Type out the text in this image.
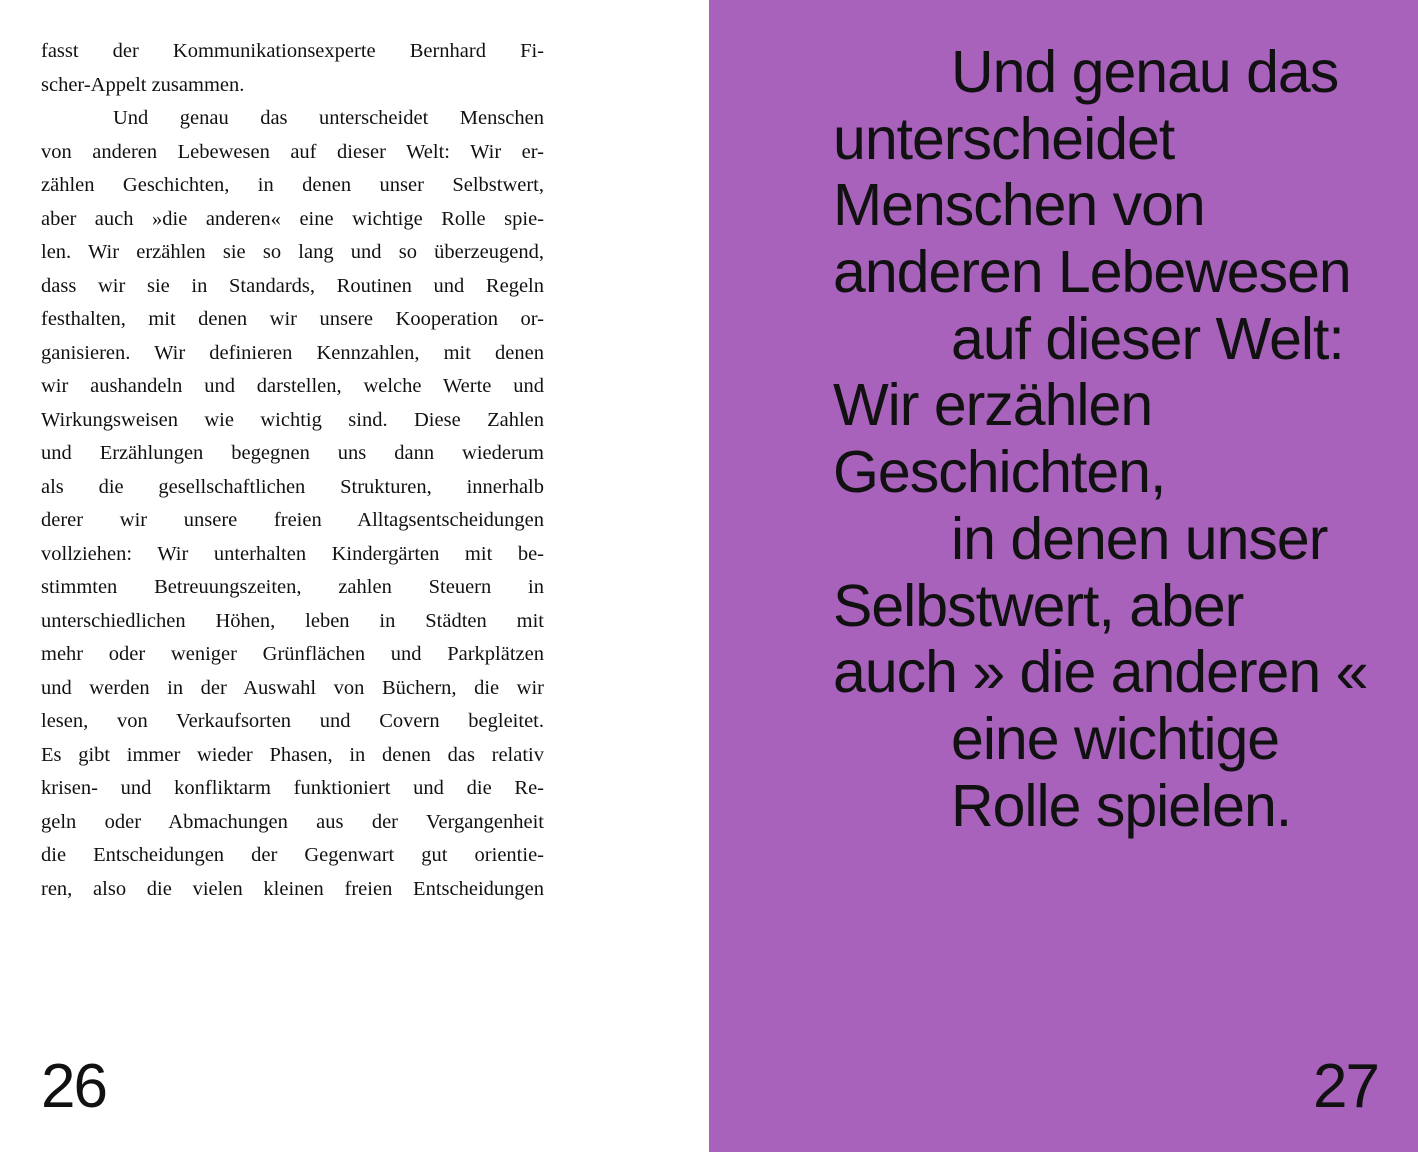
fasst der Kommunikationsexperte Bernhard Fi-
scher-Appelt zusammen.
Und genau das unterscheidet Menschen
von anderen Lebewesen auf dieser Welt: Wir er-
zählen Geschichten, in denen unser Selbstwert,
aber auch »die anderen« eine wichtige Rolle spie-
len. Wir erzählen sie so lang und so überzeugend,
dass wir sie in Standards, Routinen und Regeln
festhalten, mit denen wir unsere Kooperation or-
ganisieren. Wir definieren Kennzahlen, mit denen
wir aushandeln und darstellen, welche Werte und
Wirkungsweisen wie wichtig sind. Diese Zahlen
und Erzählungen begegnen uns dann wiederum
als die gesellschaftlichen Strukturen, innerhalb
derer wir unsere freien Alltagsentscheidungen
vollziehen: Wir unterhalten Kindergärten mit be-
stimmten Betreuungszeiten, zahlen Steuern in
unterschiedlichen Höhen, leben in Städten mit
mehr oder weniger Grünflächen und Parkplätzen
und werden in der Auswahl von Büchern, die wir
lesen, von Verkaufsorten und Covern begleitet.
Es gibt immer wieder Phasen, in denen das relativ
krisen- und konfliktarm funktioniert und die Re-
geln oder Abmachungen aus der Vergangenheit
die Entscheidungen der Gegenwart gut orientie-
ren, also die vielen kleinen freien Entscheidungen
26
Und genau das
unterscheidet
Menschen von
anderen Lebewesen
auf dieser Welt:
Wir erzählen
Geschichten,
in denen unser
Selbstwert, aber
auch » die anderen «
eine wichtige
Rolle spielen.
27
